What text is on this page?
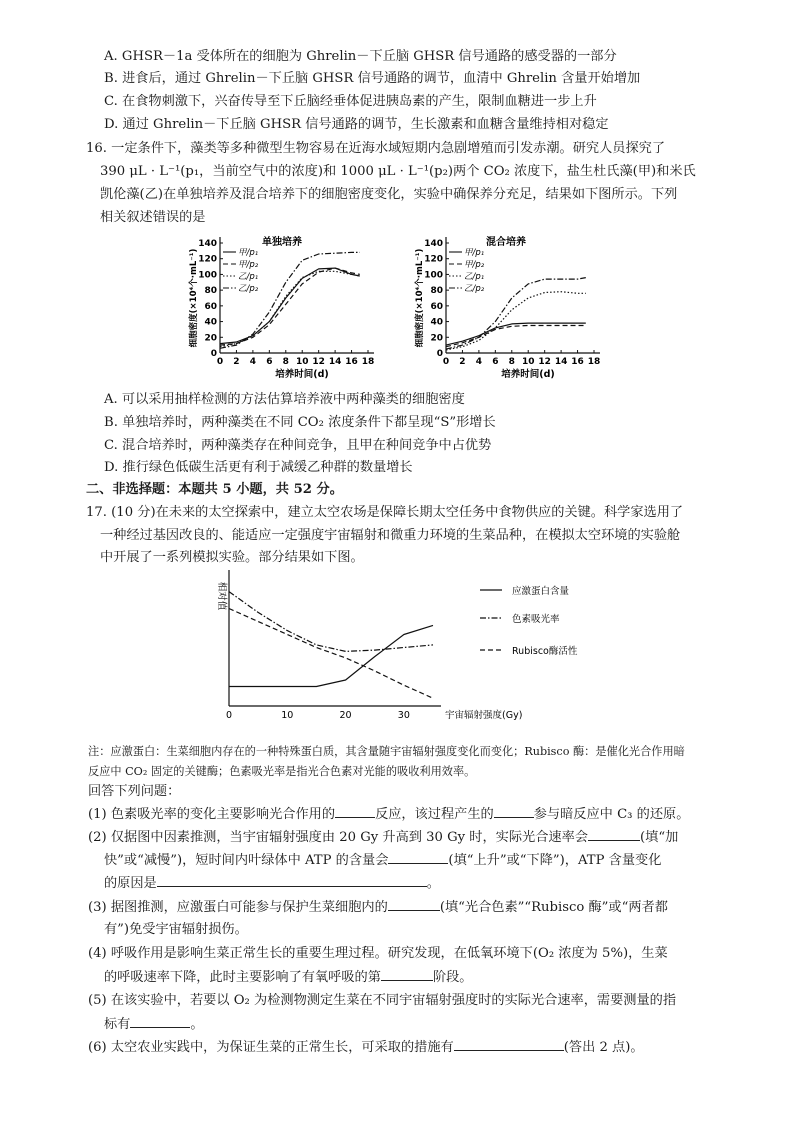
A. GHSR－1a 受体所在的细胞为 Ghrelin－下丘脑 GHSR 信号通路的感受器的一部分
B. 进食后，通过 Ghrelin－下丘脑 GHSR 信号通路的调节，血清中 Ghrelin 含量开始增加
C. 在食物刺激下，兴奋传导至下丘脑经垂体促进胰岛素的产生，限制血糖进一步上升
D. 通过 Ghrelin－下丘脑 GHSR 信号通路的调节，生长激素和血糖含量维持相对稳定
16. 一定条件下，藻类等多种微型生物容易在近海水域短期内急剧增殖而引发赤潮。研究人员探究了
390 μL · L⁻¹(p₁，当前空气中的浓度)和 1000 μL · L⁻¹(p₂)两个 CO₂ 浓度下，盐生杜氏藻(甲)和米氏
凯伦藻(乙)在单独培养及混合培养下的细胞密度变化，实验中确保养分充足，结果如下图所示。下列
相关叙述错误的是
0
20
40
60
80
100
120
140
0 2 4 6 8 10 12 14 16 18
培养时间(d)
细胞密度(×10⁴个·mL⁻¹)
单独培养
甲/p₁
甲/p₂
乙/p₁
乙/p₂
0
20
40
60
80
100
120
140
0 2 4 6 8 10 12 14 16 18
培养时间(d)
细胞密度(×10⁴个·mL⁻¹)
混合培养
甲/p₁
甲/p₂
乙/p₁
乙/p₂
A. 可以采用抽样检测的方法估算培养液中两种藻类的细胞密度
B. 单独培养时，两种藻类在不同 CO₂ 浓度条件下都呈现“S”形增长
C. 混合培养时，两种藻类存在种间竞争，且甲在种间竞争中占优势
D. 推行绿色低碳生活更有利于减缓乙种群的数量增长
二、非选择题：本题共 5 小题，共 52 分。
17. (10 分)在未来的太空探索中，建立太空农场是保障长期太空任务中食物供应的关键。科学家选用了
一种经过基因改良的、能适应一定强度宇宙辐射和微重力环境的生菜品种，在模拟太空环境的实验舱
中开展了一系列模拟实验。部分结果如下图。
0	10	20	30	宇宙辐射强度(Gy)
相对值	应激蛋白含量
色素吸光率
Rubisco酶活性
注：应激蛋白：生菜细胞内存在的一种特殊蛋白质，其含量随宇宙辐射强度变化而变化；Rubisco 酶：是催化光合作用暗
反应中 CO₂ 固定的关键酶；色素吸光率是指光合色素对光能的吸收利用效率。
回答下列问题：
(1) 色素吸光率的变化主要影响光合作用的	反应，该过程产生的	参与暗反应中 C₃ 的还原。
(2) 仅据图中因素推测，当宇宙辐射强度由 20 Gy 升高到 30 Gy 时，实际光合速率会	(填“加
快”或“减慢”)，短时间内叶绿体中 ATP 的含量会	(填“上升”或“下降”)，ATP 含量变化
的原因是	。
(3) 据图推测，应激蛋白可能参与保护生菜细胞内的	(填“光合色素”“Rubisco 酶”或“两者都
有”)免受宇宙辐射损伤。
(4) 呼吸作用是影响生菜正常生长的重要生理过程。研究发现，在低氧环境下(O₂ 浓度为 5%)，生菜
的呼吸速率下降，此时主要影响了有氧呼吸的第	阶段。
(5) 在该实验中，若要以 O₂ 为检测物测定生菜在不同宇宙辐射强度时的实际光合速率，需要测量的指
标有	。
(6) 太空农业实践中，为保证生菜的正常生长，可采取的措施有	(答出 2 点)。
